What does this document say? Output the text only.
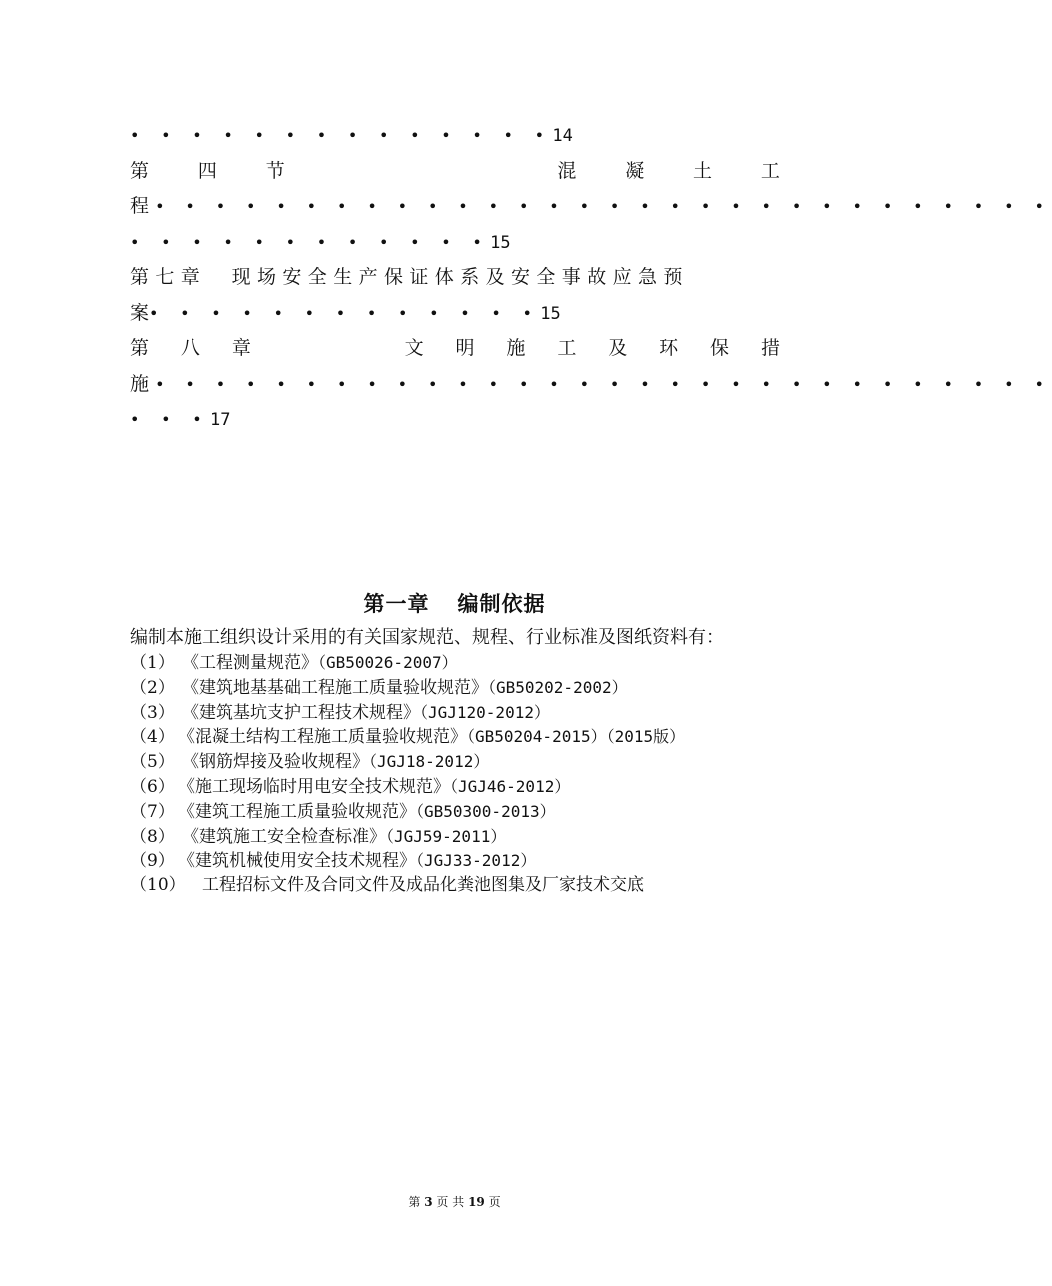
• • • • • • • • • • • • • •14
第	四	节	混	凝	土	工
程 • • • • • • • • • • • • • • • • • • • • • • • • • • • • • •
• • • • • • • • • • • •15
第七章　现场安全生产保证体系及安全事故应急预
案• • • • • • • • • • • • •15
第 八 章	文 明 施 工 及 环 保 措
施 • • • • • • • • • • • • • • • • • • • • • • • • • • • • • •
• • •17
第一章 编制依据
编制本施工组织设计采用的有关国家规范、规程、行业标准及图纸资料有：
（1） 《工程测量规范》（GB50026-2007）
（2） 《建筑地基基础工程施工质量验收规范》（GB50202-2002）
（3） 《建筑基坑支护工程技术规程》（JGJ120-2012）
（4） 《混凝土结构工程施工质量验收规范》（GB50204-2015）（2015版）
（5） 《钢筋焊接及验收规程》（JGJ18-2012）
（6） 《施工现场临时用电安全技术规范》（JGJ46-2012）
（7） 《建筑工程施工质量验收规范》（GB50300-2013）
（8） 《建筑施工安全检查标准》（JGJ59-2011）
（9） 《建筑机械使用安全技术规程》（JGJ33-2012）
（10） 工程招标文件及合同文件及成品化粪池图集及厂家技术交底
第 3 页 共 19 页
